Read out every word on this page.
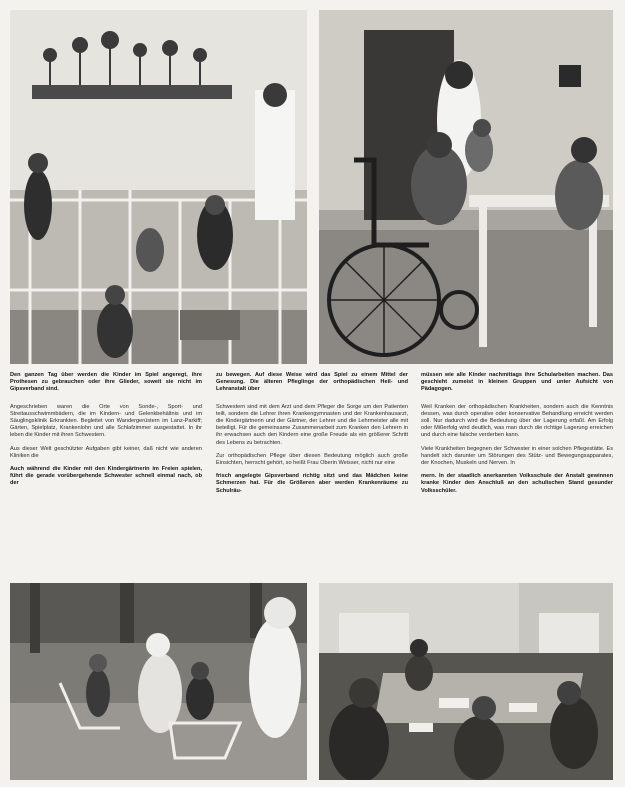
Den ganzen Tag über werden die Kinder im Spiel angeregt, ihre Prothesen zu gebrauchen oder ihre Glieder, soweit sie nicht im Gipsverband sind.

Angeschrieben waren die Orte von Sonde-, Sport- und Streitausschwimmbädern, die im Kindern- und Gelenkbehältnis und im Säuglingsklinik Erkrankten. Begleitet von Wandergerüstern im Lanz-Parkiff; Gärten, Spielplatz, Krankenlohn und alle Schlafzimmer ausgestattet. In ihr leben die Kinder mit ihren Schwestern.

Aus dieser Welt geschützter Aufgaben gibt keiner, daß nicht wie anderen Kliniken die

Auch während die Kinder mit den Kindergärtnerin im Freien spielen, führt die gerade vorübergehende Schwester schnell einmal nach, ob der

zu bewegen. Auf diese Weise wird das Spiel zu einem Mittel der Genesung. Die älteren Pfleglinge der orthopädischen Heil- und Lehranstalt über

Schwestern sind mit dem Arzt und dem Pfleger die Sorge um den Patienten teilt, sondern die Lehrer ihren Krankengymnasten und der Krankenhausarzt, die Kindergärtnerin und der Gärtner, der Lehrer und die Lehrmeister alle mit beteiligt. Für die gemeinsame Zusammenarbeit zum Kranken den Lehrern in ihr erwachsen auch den Kindern eine große Freude als ein größerer Schritt des Lebens zu betrachten.

Zur orthopädischen Pflege über diesen Bedeutung möglich auch große Einsichten, herrscht gehört, so heißt Frau Oberin Weisser, nicht nur eine

frisch angelegte Gipsverband richtig sitzt und das Mädchen keine Schmerzen hat. Für die Größeren aber werden Krankenräume zu Schulräu-

müssen wie alle Kinder nachmittags ihre Schularbeiten machen. Das geschieht zumeist in kleinen Gruppen und unter Aufsicht von Pädagogen.

Weil Kranken der orthopädischen Krankheiten, sondern auch die Kenntnis dessen, was durch operative oder konservative Behandlung erreicht werden soll. Nur dadurch wird die Bedeutung über der Lagerung erfaßt. Am Erfolg oder Mißerfolg wird deutlich, was man durch die richtige Lagerung erreichen und durch eine falsche verderben kann.

Viele Krankheiten begegnen der Schwester in einer solchen Pflegestätte. Es handelt sich darunter um Störungen des Stütz- und Bewegungsapparates, der Knochen, Muskeln und Nerven. In

mern. In der staatlich anerkannten Volksschule der Anstalt gewinnen kranke Kinder den Anschluß an den schulischen Stand gesunder Volksschüler.
